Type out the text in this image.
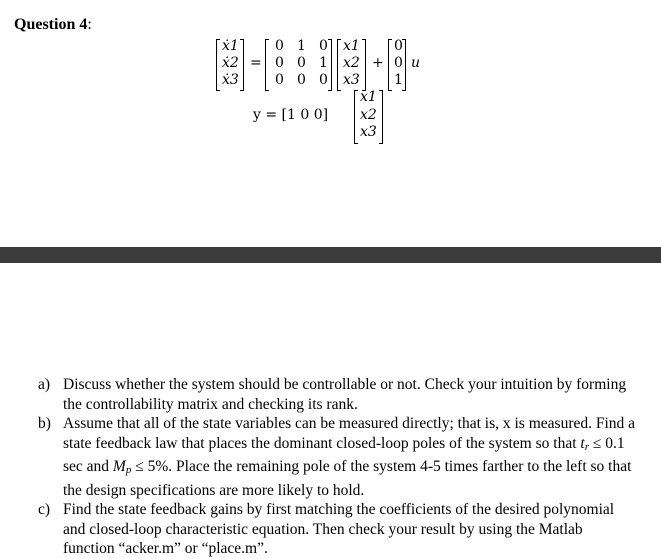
Question 4:
ẋ1
ẋ2
ẋ3
=
0 1 0
0 0 1
0 0 0
x1
x2
x3
+
0
0
1
u
y = [1 0 0]
x1
x2
x3
a) Discuss whether the system should be controllable or not. Check your intuition by forming the controllability matrix and checking its rank.
b) Assume that all of the state variables can be measured directly; that is, x is measured. Find a state feedback law that places the dominant closed-loop poles of the system so that tr ≤ 0.1 sec and Mp ≤ 5%. Place the remaining pole of the system 4-5 times farther to the left so that the design specifications are more likely to hold.
c) Find the state feedback gains by first matching the coefficients of the desired polynomial and closed-loop characteristic equation. Then check your result by using the Matlab function “acker.m” or “place.m”.
